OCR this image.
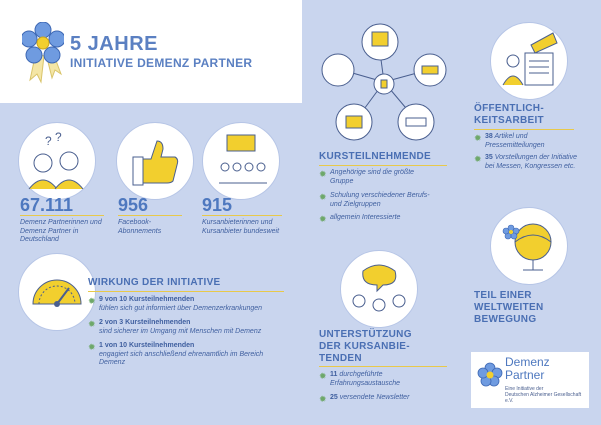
5 JAHRE
INITIATIVE DEMENZ PARTNER
? ?
67.111
Demenz Partnerinnen und Demenz Partner in Deutschland
956
Facebook-Abonnements
915
Kursanbieterinnen und Kursanbieter bundesweit
WIRKUNG DER INITIATIVE
✹ 9 von 10 Kursteilnehmenden
fühlen sich gut informiert über Demenzerkrankungen
✹ 2 von 3 Kursteilnehmenden
sind sicherer im Umgang mit Menschen mit Demenz
✹ 1 von 10 Kursteilnehmenden
engagiert sich anschließend ehrenamtlich im Bereich Demenz
KURSTEILNEHMENDE
✹ Angehörige sind die größte Gruppe
✹ Schulung verschiedener Berufs- und Zielgruppen
✹ allgemein Interessierte
UNTERSTÜTZUNG
DER KURSANBIE-
TENDEN
✹ 11 durchgeführte Erfahrungsaustausche
✹ 25 versendete Newsletter
ÖFFENTLICH-
KEITSARBEIT
✹ 38 Artikel und Pressemitteilungen
✹ 35 Vorstellungen der Initiative bei Messen, Kongressen etc.
TEIL EINER
WELTWEITEN
BEWEGUNG
Demenz
Partner
Eine Initiative der
Deutschen Alzheimer Gesellschaft e.V.
